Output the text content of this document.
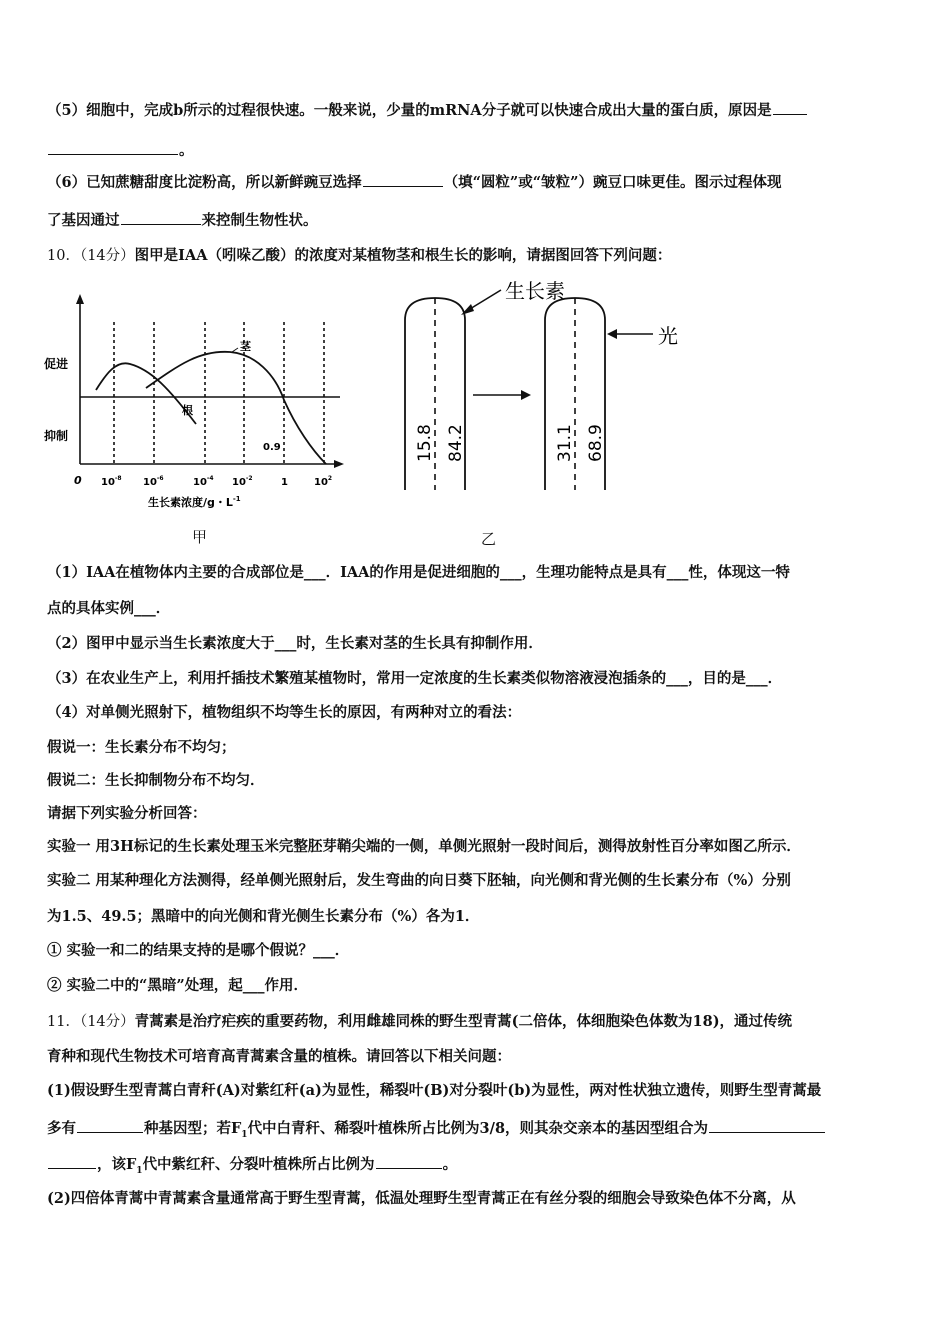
（5）细胞中，完成b所示的过程很快速。一般来说，少量的mRNA分子就可以快速合成出大量的蛋白质，原因是
。
（6）已知蔗糖甜度比淀粉高，所以新鲜豌豆选择	（填“圆粒”或“皱粒”）豌豆口味更佳。图示过程体现
了基因通过	来控制生物性状。
10．（14分）图甲是IAA（吲哚乙酸）的浓度对某植物茎和根生长的影响，请据图回答下列问题：
促进
抑制
茎
根
0.9
0 $10^{-8}$ $10^{-6}$	$10^{-4}$ $10^{-2}$	1	$10^2$
生长素浓度/g・$L^{-1}$
甲
生长素
光
15.8 84.2	31.1 68.9
乙
（1）IAA在植物体内主要的合成部位是___．IAA的作用是促进细胞的___，生理功能特点是具有___性，体现这一特
点的具体实例___．
（2）图甲中显示当生长素浓度大于___时，生长素对茎的生长具有抑制作用．
（3）在农业生产上，利用扦插技术繁殖某植物时，常用一定浓度的生长素类似物溶液浸泡插条的___，目的是___．
（4）对单侧光照射下，植物组织不均等生长的原因，有两种对立的看法：
假说一：生长素分布不均匀；
假说二：生长抑制物分布不均匀．
请据下列实验分析回答：
实验一 用3H标记的生长素处理玉米完整胚芽鞘尖端的一侧，单侧光照射一段时间后，测得放射性百分率如图乙所示．
实验二 用某种理化方法测得，经单侧光照射后，发生弯曲的向日葵下胚轴，向光侧和背光侧的生长素分布（%）分别
为1.5、49.5；黑暗中的向光侧和背光侧生长素分布（%）各为1．
① 实验一和二的结果支持的是哪个假说？___．
② 实验二中的“黑暗”处理，起___作用．
11．（14分）青蒿素是治疗疟疾的重要药物，利用雌雄同株的野生型青蒿(二倍体，体细胞染色体数为18)，通过传统
育种和现代生物技术可培育高青蒿素含量的植株。请回答以下相关问题：
(1)假设野生型青蒿白青秆(A)对紫红秆(a)为显性，稀裂叶(B)对分裂叶(b)为显性，两对性状独立遗传，则野生型青蒿最
多有	种基因型；若$F_1$代中白青秆、稀裂叶植株所占比例为3/8，则其杂交亲本的基因型组合为
，该$F_1$代中紫红秆、分裂叶植株所占比例为	。
(2)四倍体青蒿中青蒿素含量通常高于野生型青蒿，低温处理野生型青蒿正在有丝分裂的细胞会导致染色体不分离，从
